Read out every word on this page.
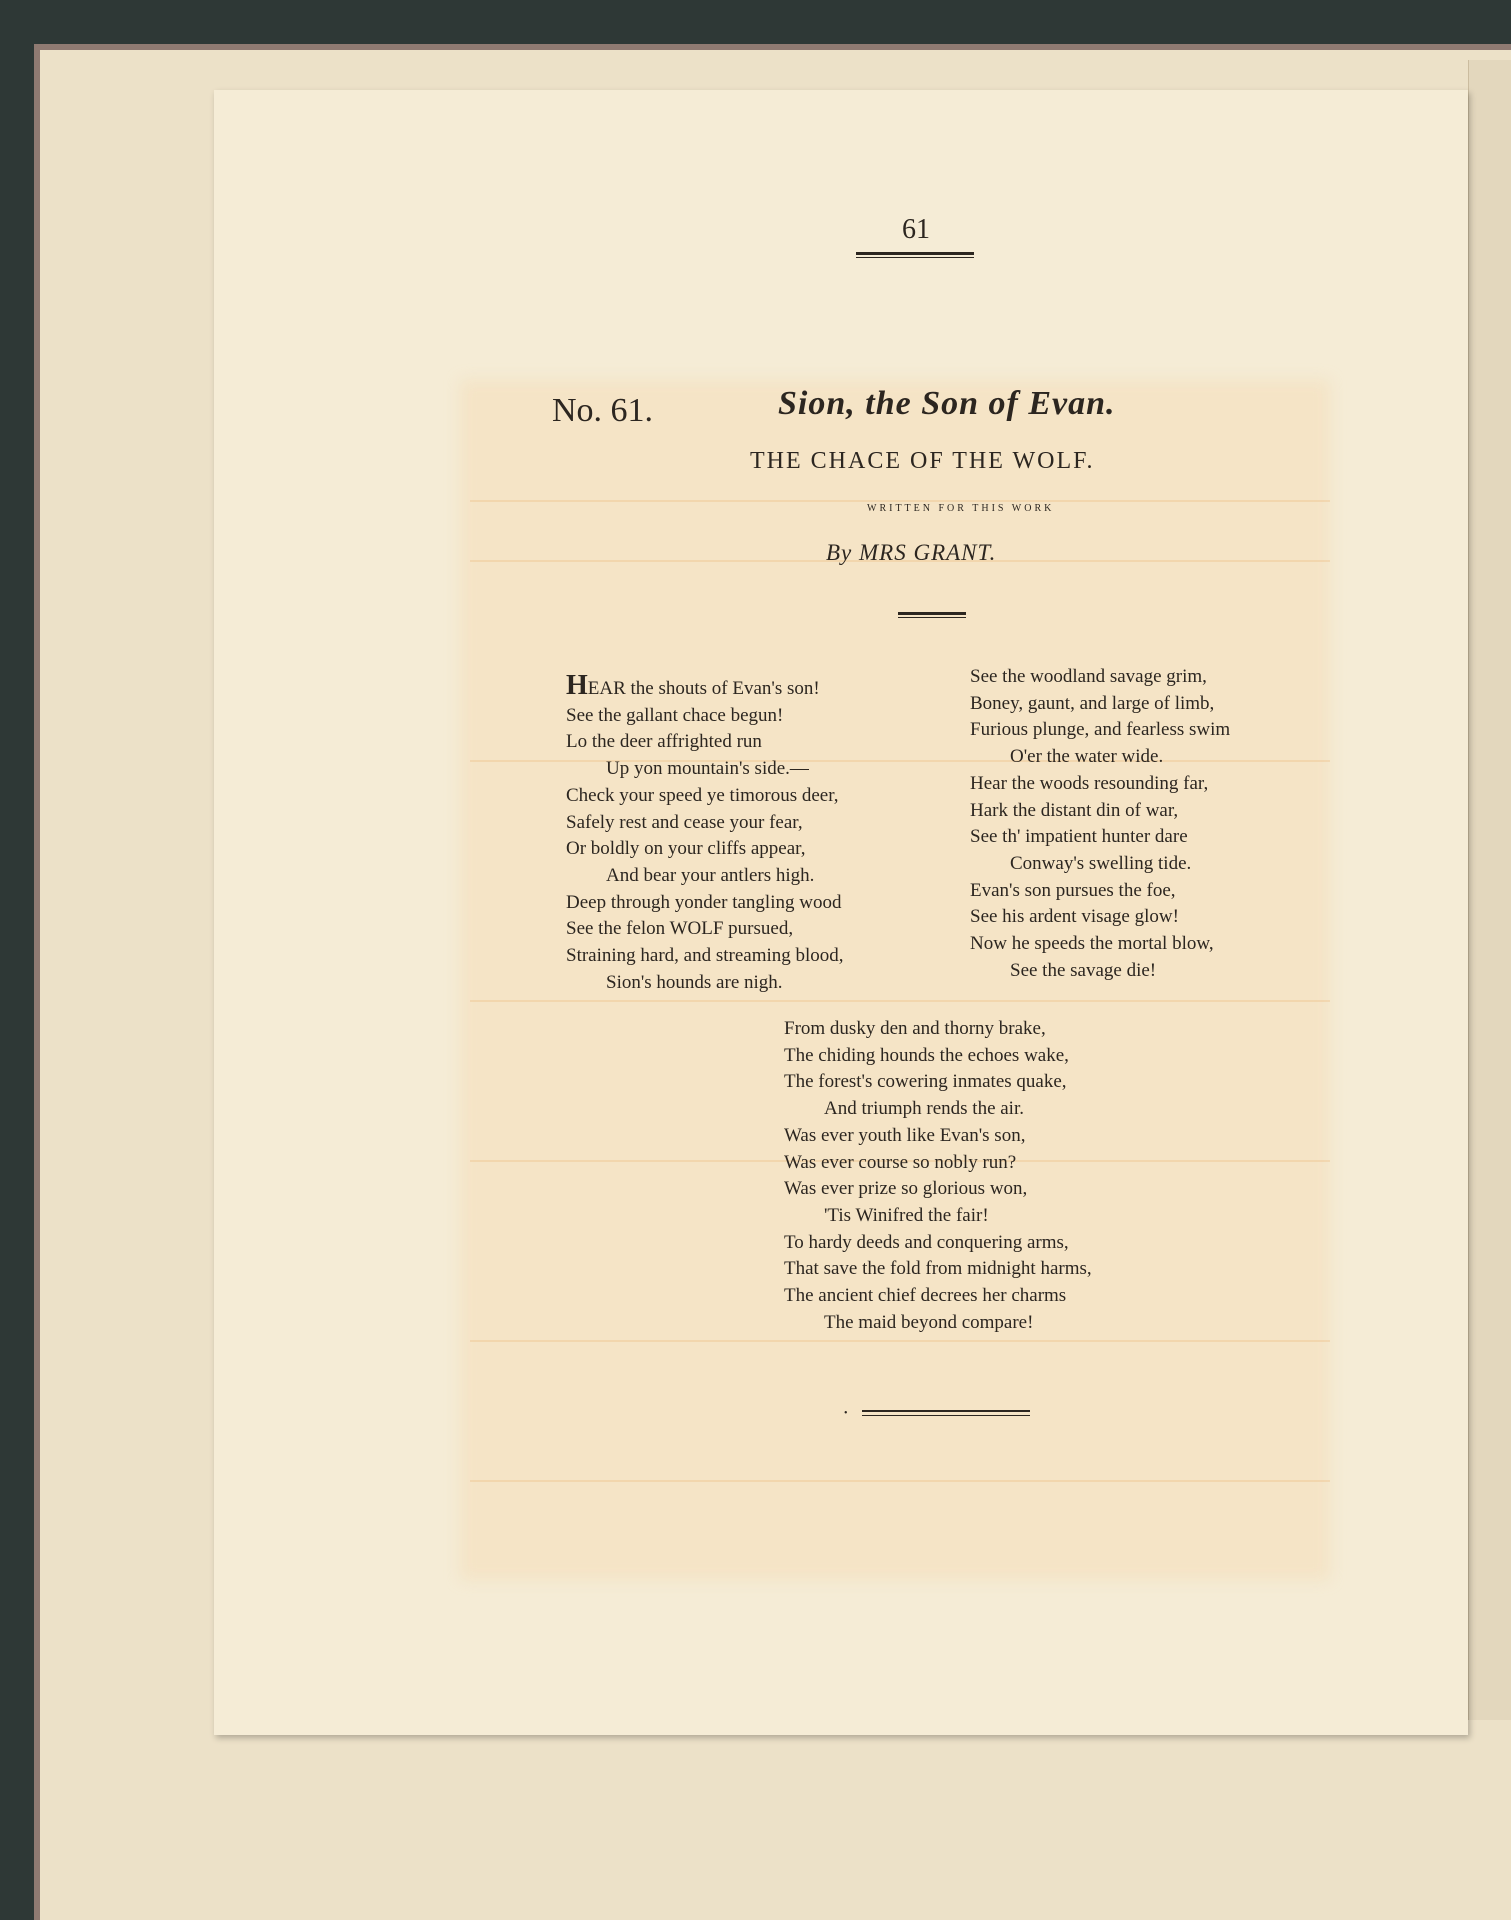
61
No. 61.	Sion, the Son of Evan.
THE CHACE OF THE WOLF.
WRITTEN FOR THIS WORK
By MRS GRANT.
HEAR the shouts of Evan's son!
See the gallant chace begun!
Lo the deer affrighted run
Up yon mountain's side.—
Check your speed ye timorous deer,
Safely rest and cease your fear,
Or boldly on your cliffs appear,
And bear your antlers high.
Deep through yonder tangling wood
See the felon WOLF pursued,
Straining hard, and streaming blood,
Sion's hounds are nigh.
See the woodland savage grim,
Boney, gaunt, and large of limb,
Furious plunge, and fearless swim
O'er the water wide.
Hear the woods resounding far,
Hark the distant din of war,
See th' impatient hunter dare
Conway's swelling tide.
Evan's son pursues the foe,
See his ardent visage glow!
Now he speeds the mortal blow,
See the savage die!
From dusky den and thorny brake,
The chiding hounds the echoes wake,
The forest's cowering inmates quake,
And triumph rends the air.
Was ever youth like Evan's son,
Was ever course so nobly run?
Was ever prize so glorious won,
'Tis Winifred the fair!
To hardy deeds and conquering arms,
That save the fold from midnight harms,
The ancient chief decrees her charms
The maid beyond compare!
•
